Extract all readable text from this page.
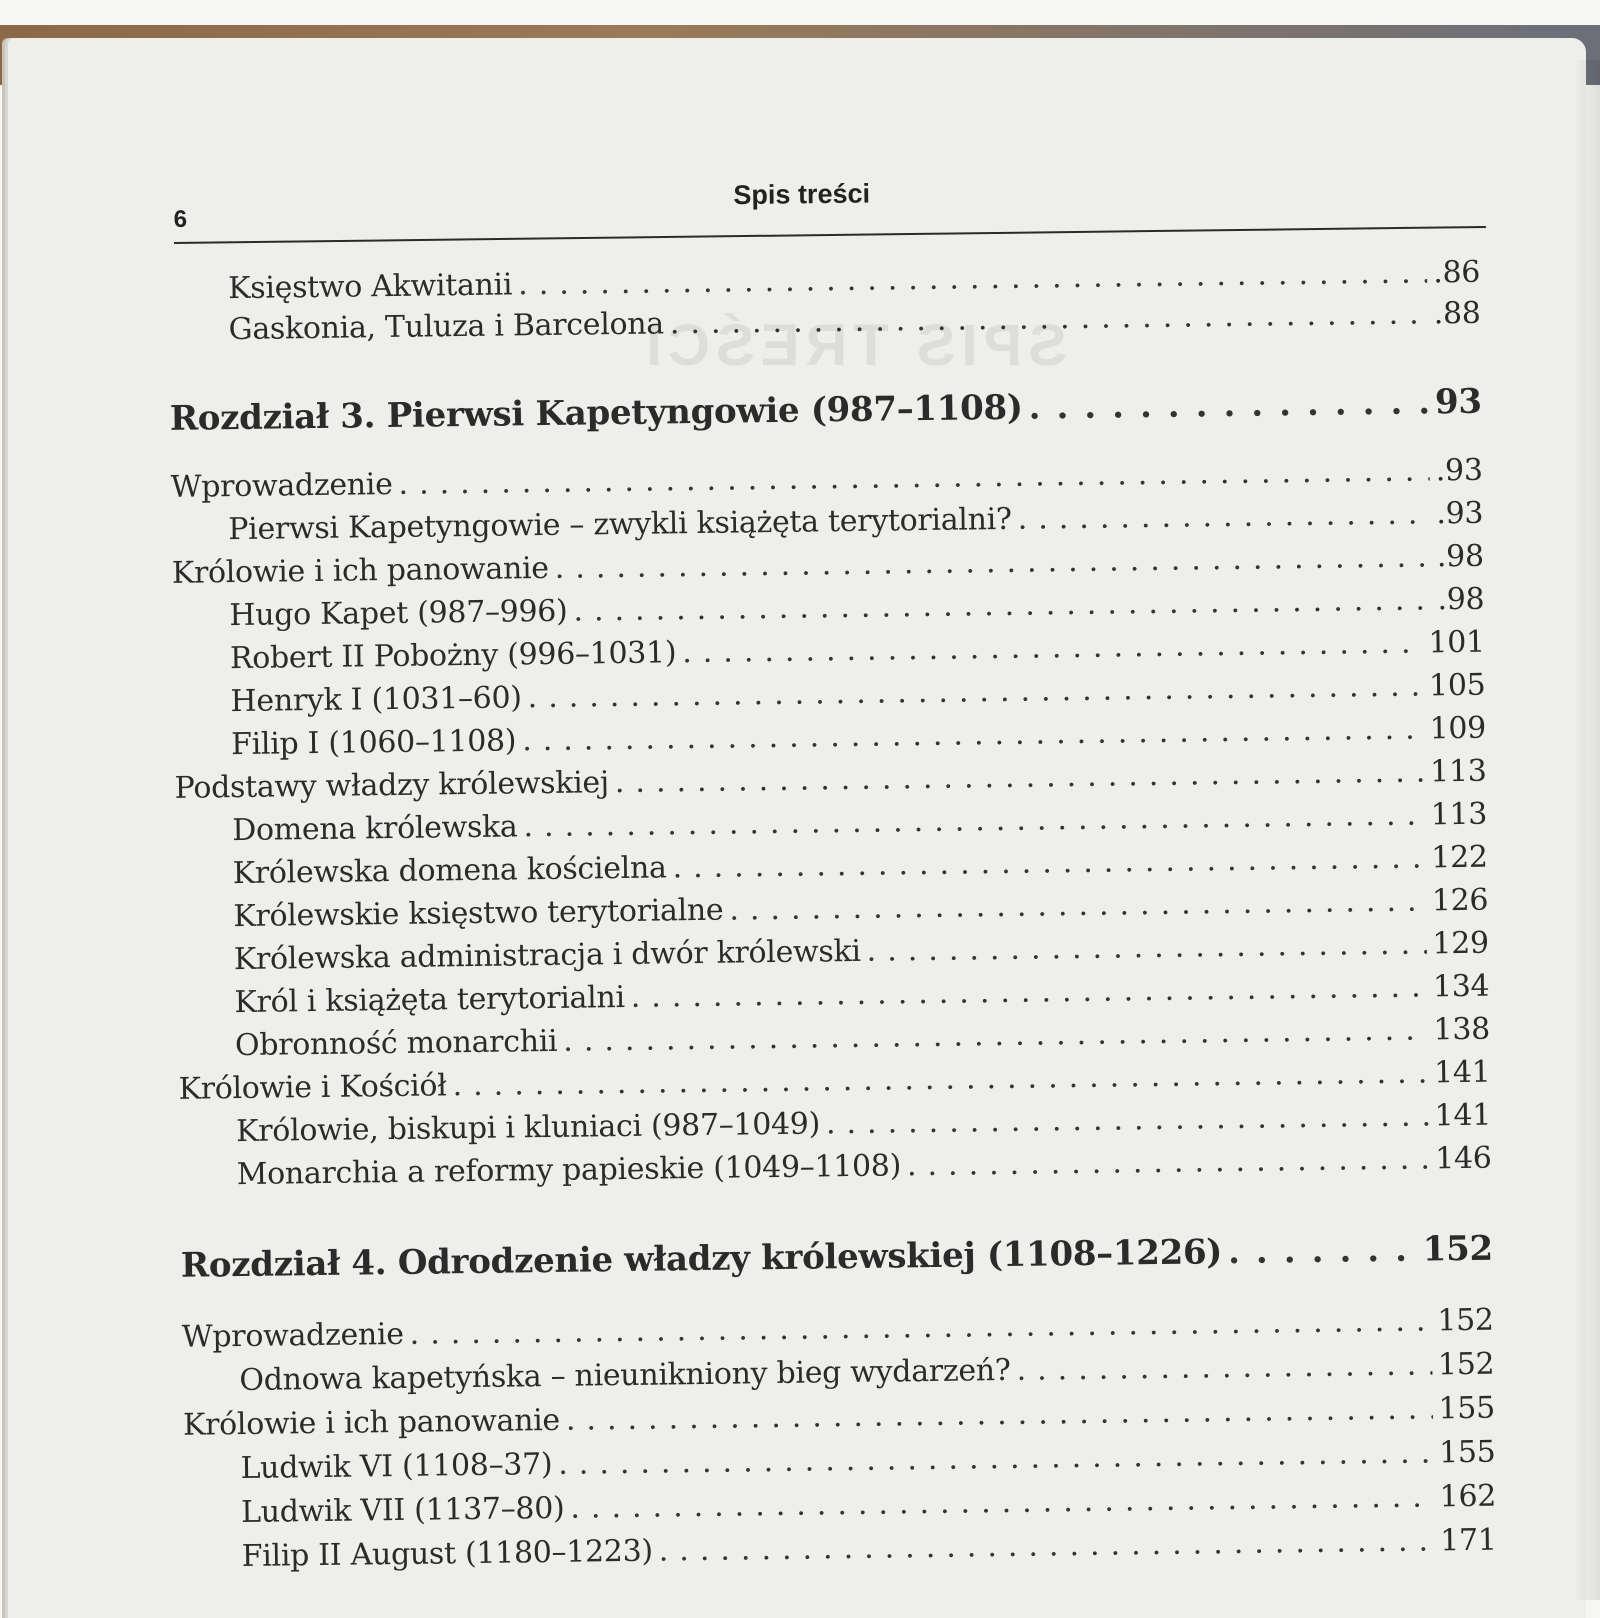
6
Spis treści
SPIS TREŚCI
Księstwo Akwitanii .....	.86
Gaskonia, Tuluza i Barcelona .....	.88
Rozdział 3. Pierwsi Kapetyngowie (987–1108) .....	93
Wprowadzenie .....	.93
Pierwsi Kapetyngowie – zwykli książęta terytorialni? .....	.93
Królowie i ich panowanie .....	.98
Hugo Kapet (987–996) .....	.98
Robert II Pobożny (996–1031) .....	101
Henryk I (1031–60) .....	105
Filip I (1060–1108) .....	109
Podstawy władzy królewskiej .....	113
Domena królewska .....	113
Królewska domena kościelna .....	122
Królewskie księstwo terytorialne .....	126
Królewska administracja i dwór królewski .....	129
Król i książęta terytorialni .....	134
Obronność monarchii .....	138
Królowie i Kościół .....	141
Królowie, biskupi i kluniaci (987–1049) .....	141
Monarchia a reformy papieskie (1049–1108) .....	146
Rozdział 4. Odrodzenie władzy królewskiej (1108–1226) .....	152
Wprowadzenie .....	152
Odnowa kapetyńska – nieunikniony bieg wydarzeń? .....	152
Królowie i ich panowanie .....	155
Ludwik VI (1108–37) .....	155
Ludwik VII (1137–80) .....	162
Filip II August (1180–1223) .....	171
